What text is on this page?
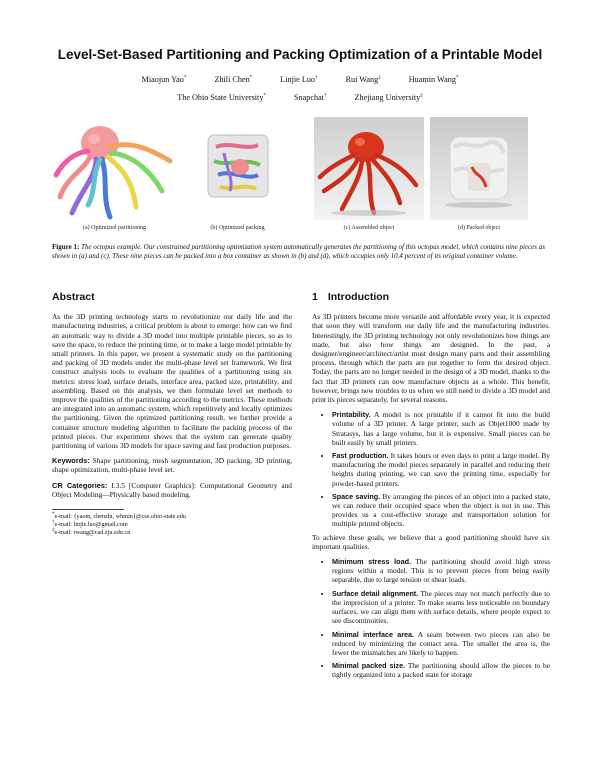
Level-Set-Based Partitioning and Packing Optimization of a Printable Model
Miaojun Yao*	Zhili Chen*	Linjie Luo†	Rui Wang‡	Huamin Wang*
The Ohio State University*	Snapchat†	Zhejiang University‡
(a) Optimized partitioning	(b) Optimized packing	(c) Assembled object	(d) Packed object
Figure 1: The octopus example. Our constrained partitioning optimization system automatically generates the partitioning of this octopus model, which contains nine pieces as shown in (a) and (c). These nine pieces can be packed into a box container as shown in (b) and (d), which occupies only 10.4 percent of its original container volume.
Abstract

As the 3D printing technology starts to revolutionize our daily life and the manufacturing industries, a critical problem is about to emerge: how can we find an automatic way to divide a 3D model into multiple printable pieces, so as to save the space, to reduce the printing time, or to make a large model printable by small printers. In this paper, we present a systematic study on the partitioning and packing of 3D models under the multi-phase level set framework. We first construct analysis tools to evaluate the qualities of a partitioning using six metrics: stress load, surface details, interface area, packed size, printability, and assembling. Based on this analysis, we then formulate level set methods to improve the qualities of the partitioning according to the metrics. These methods are integrated into an automatic system, which repetitively and locally optimizes the partitioning. Given the optimized partitioning result, we further provide a container structure modeling algorithm to facilitate the packing process of the printed pieces. Our experiment shows that the system can generate quality partitioning of various 3D models for space saving and fast production purposes.

Keywords: Shape partitioning, mesh segmentation, 3D packing, 3D printing, shape optimization, multi-phase level set.

CR Categories: I.3.5 [Computer Graphics]: Computational Geometry and Object Modeling—Physically based modeling.

*e-mail: {yaom, chenzhi, whmin}@cse.ohio-state.edu
†e-mail: linjie.luo@gmail.com
‡e-mail: rwang@cad.zju.edu.cn
1 Introduction

As 3D printers become more versatile and affordable every year, it is expected that soon they will transform our daily life and the manufacturing industries. Interestingly, the 3D printing technology not only revolutionizes how things are made, but also how things are designed. In the past, a designer/engineer/architect/artist must design many parts and their assembling process, through which the parts are put together to form the desired object. Today, the parts are no longer needed in the design of a 3D model, thanks to the fact that 3D printers can now manufacture objects as a whole. This benefit, however, brings new troubles to us when we still need to divide a 3D model and print its pieces separately, for several reasons.

• Printability. A model is not printable if it cannot fit into the build volume of a 3D printer. A large printer, such as Objet1000 made by Stratasys, has a large volume, but it is expensive. Small pieces can be built easily by small printers.
• Fast production. It takes hours or even days to print a large model. By manufacturing the model pieces separately in parallel and reducing their heights during printing, we can save the printing time, especially for powder-based printers.
• Space saving. By arranging the pieces of an object into a packed state, we can reduce their occupied space when the object is not in use. This provides us a cost-effective storage and transportation solution for multiple printed objects.

To achieve these goals, we believe that a good partitioning should have six important qualities.

• Minimum stress load. The partitioning should avoid high stress regions within a model. This is to prevent pieces from being easily separable, due to large tension or shear loads.
• Surface detail alignment. The pieces may not match perfectly due to the imprecision of a printer. To make seams less noticeable on boundary surfaces, we can align them with surface details, where people expect to see discontinuities.
• Minimal interface area. A seam between two pieces can also be reduced by minimizing the contact area. The smaller the area is, the fewer the mismatches are likely to happen.
• Minimal packed size. The partitioning should allow the pieces to be tightly organized into a packed state for storage
